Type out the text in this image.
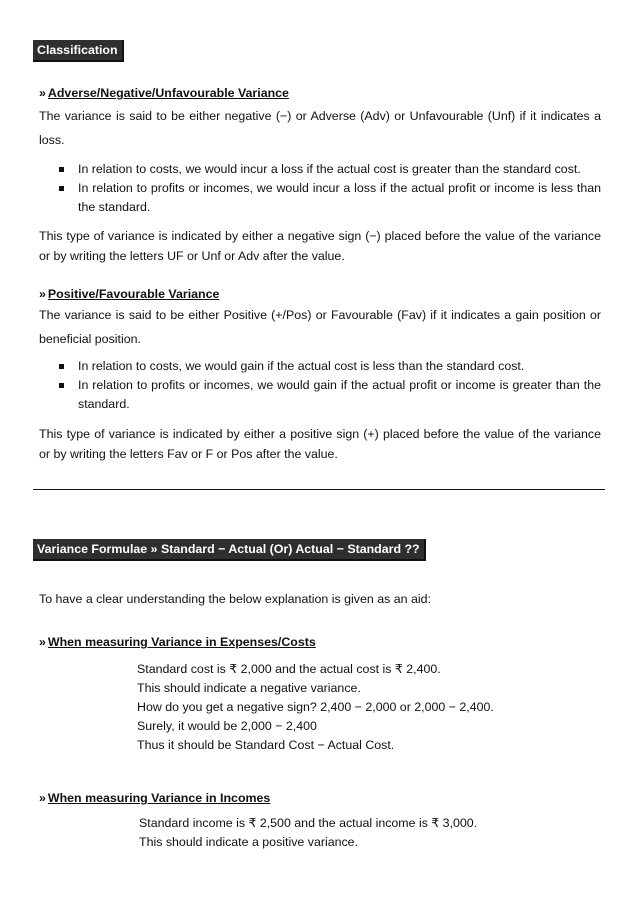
Classification
» Adverse/Negative/Unfavourable Variance
The variance is said to be either negative (−) or Adverse (Adv) or Unfavourable (Unf) if it indicates a loss.
In relation to costs, we would incur a loss if the actual cost is greater than the standard cost.
In relation to profits or incomes, we would incur a loss if the actual profit or income is less than the standard.
This type of variance is indicated by either a negative sign (−) placed before the value of the variance or by writing the letters UF or Unf or Adv after the value.
» Positive/Favourable Variance
The variance is said to be either Positive (+/Pos) or Favourable (Fav) if it indicates a gain position or beneficial position.
In relation to costs, we would gain if the actual cost is less than the standard cost.
In relation to profits or incomes, we would gain if the actual profit or income is greater than the standard.
This type of variance is indicated by either a positive sign (+) placed before the value of the variance or by writing the letters Fav or F or Pos after the value.
Variance Formulae » Standard − Actual (Or) Actual − Standard ??
To have a clear understanding the below explanation is given as an aid:
» When measuring Variance in Expenses/Costs
Standard cost is ₹ 2,000 and the actual cost is ₹ 2,400.
This should indicate a negative variance.
How do you get a negative sign? 2,400 − 2,000 or 2,000 − 2,400.
Surely, it would be 2,000 − 2,400
Thus it should be Standard Cost − Actual Cost.
» When measuring Variance in Incomes
Standard income is ₹ 2,500 and the actual income is ₹ 3,000.
This should indicate a positive variance.
